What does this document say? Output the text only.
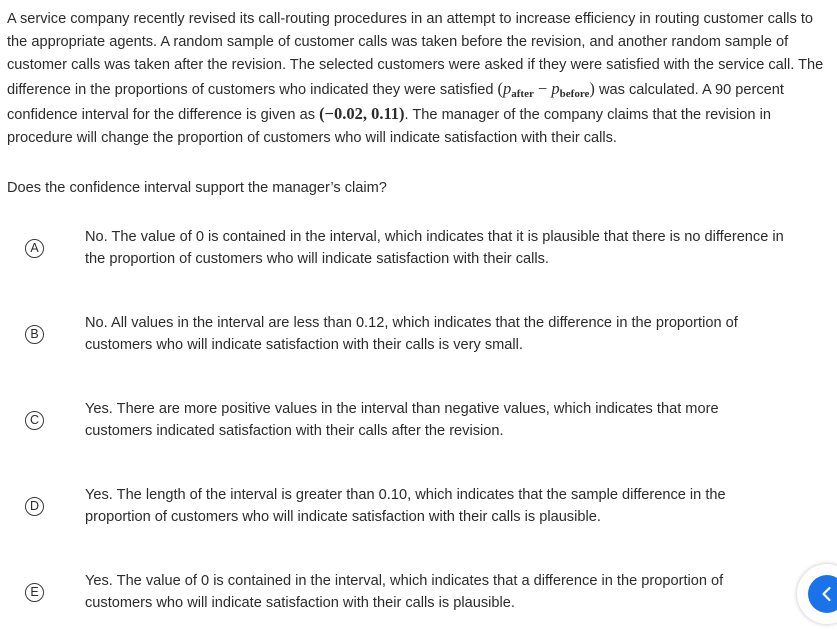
A service company recently revised its call-routing procedures in an attempt to increase efficiency in routing customer calls to the appropriate agents. A random sample of customer calls was taken before the revision, and another random sample of customer calls was taken after the revision. The selected customers were asked if they were satisfied with the service call. The difference in the proportions of customers who indicated they were satisfied $(p_{after} - p_{before})$ was calculated. A 90 percent confidence interval for the difference is given as (−0.02, 0.11). The manager of the company claims that the revision in procedure will change the proportion of customers who will indicate satisfaction with their calls.
Does the confidence interval support the manager’s claim?
A
No. The value of 0 is contained in the interval, which indicates that it is plausible that there is no difference in the proportion of customers who will indicate satisfaction with their calls.
B
No. All values in the interval are less than 0.12, which indicates that the difference in the proportion of customers who will indicate satisfaction with their calls is very small.
C
Yes. There are more positive values in the interval than negative values, which indicates that more customers indicated satisfaction with their calls after the revision.
D
Yes. The length of the interval is greater than 0.10, which indicates that the sample difference in the proportion of customers who will indicate satisfaction with their calls is plausible.
E
Yes. The value of 0 is contained in the interval, which indicates that a difference in the proportion of customers who will indicate satisfaction with their calls is plausible.
